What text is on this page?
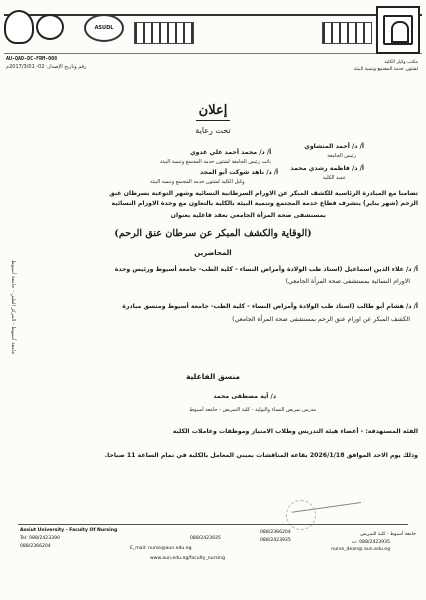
ASUDL
مكتب وكيل الكلية
لشئون خدمة المجتمع وتنمية البيئة
AU-QAD-DC-FRM-008
رقم وتاريخ الإصدار: 02- 2017/3/01م
إعلان
تحت رعاية
أ/ د/ أحمد المنشاوي
رئيس الجامعة
أ/ د/ فاطمة رشدي محمد
عميد الكلية
أ/ د/ محمد أحمد علي عدوي
نائب رئيس الجامعة لشئون خدمة المجتمع وتنمية البيئة
أ/ د/ ناهد شوكت أبو المجد
وكيل الكلية لشئون خدمة المجتمع وتنمية البيئة
تضامنا مع المبادرة الرئاسية للكشف المبكر عن الاورام السرطانية النسائية وشهر التوعية بسرطان عنق
الرحم (شهر يناير) يتشرف قطاع خدمة المجتمع وتنمية البيئة بالكلية بالتعاون مع وحدة الاورام النسائية
بمستشفى صحة المرأة الجامعي بعقد فاعلية بعنوان
(الوقاية والكشف المبكر عن سرطان عنق الرحم)
المحاضرين
أ/ د/ علاء الدين اسماعيل (استاذ طب الولادة وأمراض النساء - كلية الطب- جامعة أسيوط ورئيس وحدة
الاورام النسائية بمستشفى صحة المرأة الجامعي)
أ/ د/ هشام أبو طالب (استاذ طب الولادة وأمراض النساء - كلية الطب- جامعة أسيوط ومنسق مبادرة
الكشف المبكر عن اورام عنق الرحم بمستشفى صحة المرأة الجامعي)
منسق الفاعلية
د/ آية مصطفى محمد
مدرس تمريض النساء والتوليد - كلية التمريض - جامعة أسيوط
الفئة المستهدفة: - أعضاء هيئة التدريس وطلاب الامتياز وموظفات وعاملات الكلية
وذلك يوم الاحد الموافق 2026/1/18 بقاعة المناقشات بمبني المعامل بالكلية في تمام الساعة 11 صباحا.
جامعة أسيوط - المركز الطبي - جامعة أسيوط
جامعة أسيوط - كلية التمريض
088/2423935 :ت
nurse_dean@ aun.edu.eg
088/2423935
E_mail: nurse@aun.edu.eg
Assiut University - Faculty Of Nursing
Tel: 088/2423390
088/2366204
www.aun.edu.eg/faculty_nursing
088/2366204
088/2423935
